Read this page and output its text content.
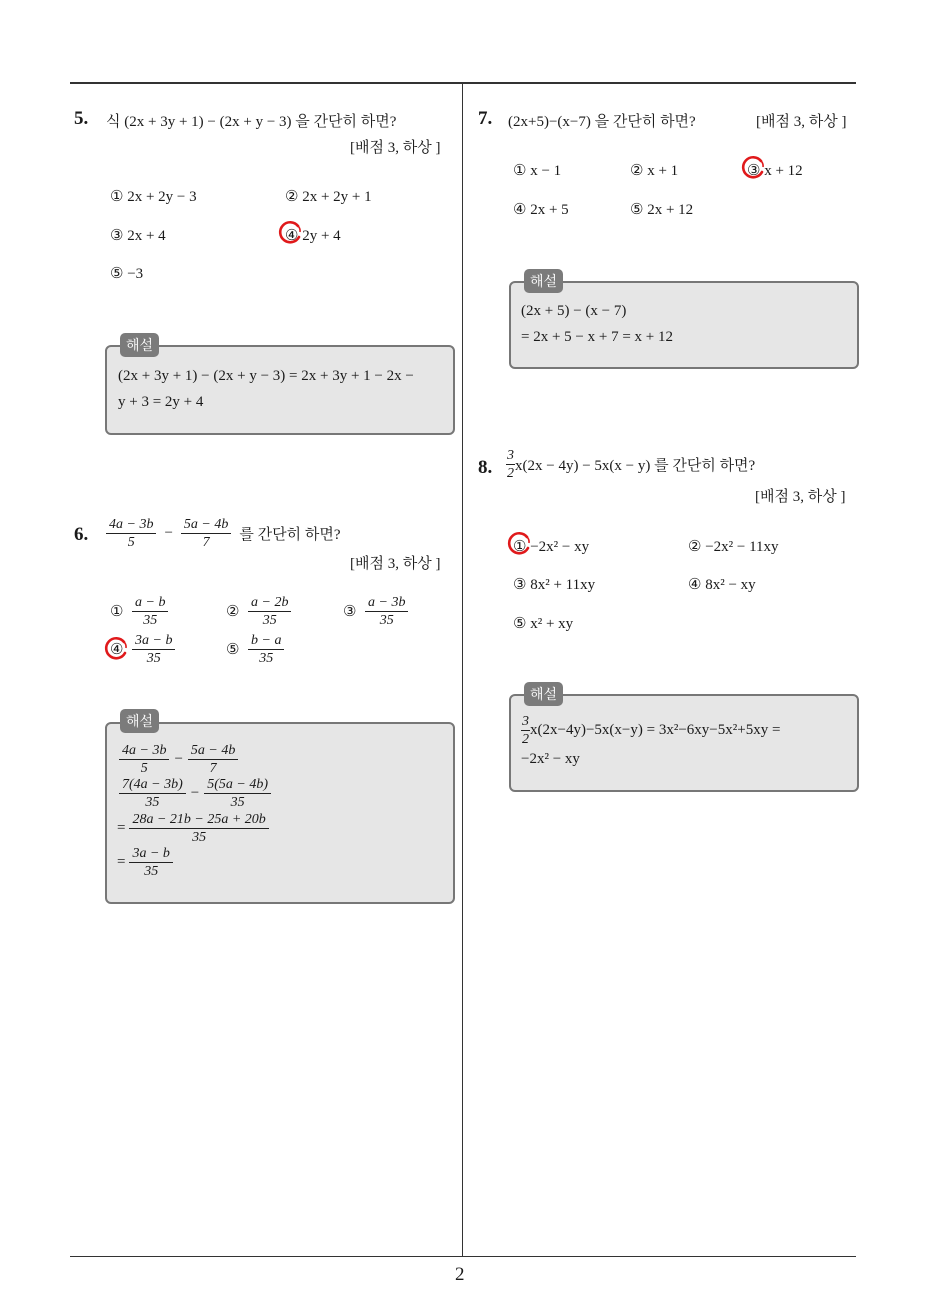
2
5. 식 (2x + 3y + 1) − (2x + y − 3) 을 간단히 하면?
[배점 3, 하상 ]
① 2x + 2y − 3	② 2x + 2y + 1
③ 2x + 4	④ 2y + 4
⑤ −3
해설
(2x + 3y + 1) − (2x + y − 3) = 2x + 3y + 1 − 2x −
y + 3 = 2y + 4
6. $\frac{4a - 3b}{5} - \frac{5a - 4b}{7}$ 를 간단히 하면?
[배점 3, 하상 ]
① $\frac{a - b}{35}$	② $\frac{a - 2b}{35}$	③ $\frac{a - 3b}{35}$
④ $\frac{3a - b}{35}$	⑤ $\frac{b - a}{35}$
해설
$\frac{4a - 3b}{5} - \frac{5a - 4b}{7}$
$\frac{7(4a - 3b)}{35} - \frac{5(5a - 4b)}{35}$
= $\frac{28a - 21b - 25a + 20b}{35}$
= $\frac{3a - b}{35}$
7. (2x+5)−(x−7) 을 간단히 하면?	[배점 3, 하상 ]
① x − 1	② x + 1	③ x + 12
④ 2x + 5	⑤ 2x + 12
해설
(2x + 5) − (x − 7)
= 2x + 5 − x + 7 = x + 12
8. $\frac{3}{2} x(2x - 4y) - 5x(x - y)$ 를 간단히 하면?
[배점 3, 하상 ]
① −2x² − xy	② −2x² − 11xy
③ 8x² + 11xy	④ 8x² − xy
⑤ x² + xy
해설
$\frac{3}{2} x(2x-4y)-5x(x-y) = 3x^2-6xy-5x^2+5xy$ =
−2x² − xy
